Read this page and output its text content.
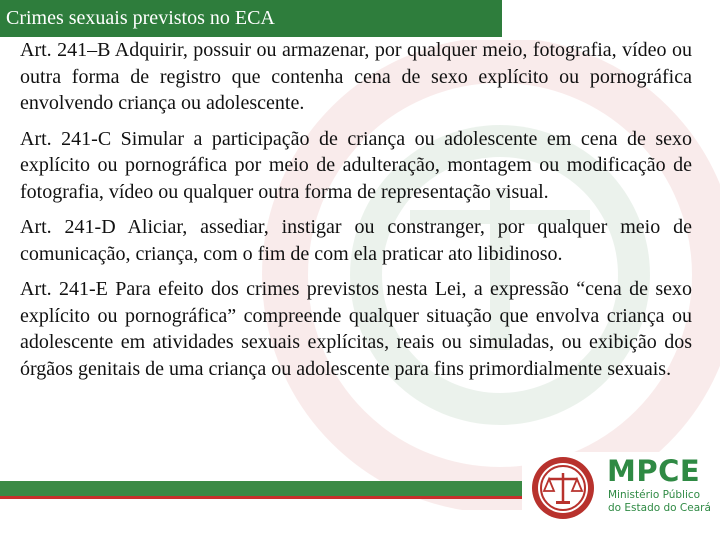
Crimes sexuais previstos no ECA

Art. 241–B Adquirir, possuir ou armazenar, por qualquer meio, fotografia, vídeo ou outra forma de registro que contenha cena de sexo explícito ou pornográfica envolvendo criança ou adolescente.

Art. 241-C Simular a participação de criança ou adolescente em cena de sexo explícito ou pornográfica por meio de adulteração, montagem ou modificação de fotografia, vídeo ou qualquer outra forma de representação visual.

Art. 241-D Aliciar, assediar, instigar ou constranger, por qualquer meio de comunicação, criança, com o fim de com ela praticar ato libidinoso.

Art. 241-E Para efeito dos crimes previstos nesta Lei, a expressão “cena de sexo explícito ou pornográfica” compreende qualquer situação que envolva criança ou adolescente em atividades sexuais explícitas, reais ou simuladas, ou exibição dos órgãos genitais de uma criança ou adolescente para fins primordialmente sexuais.

MPCE
Ministério Público
do Estado do Ceará
